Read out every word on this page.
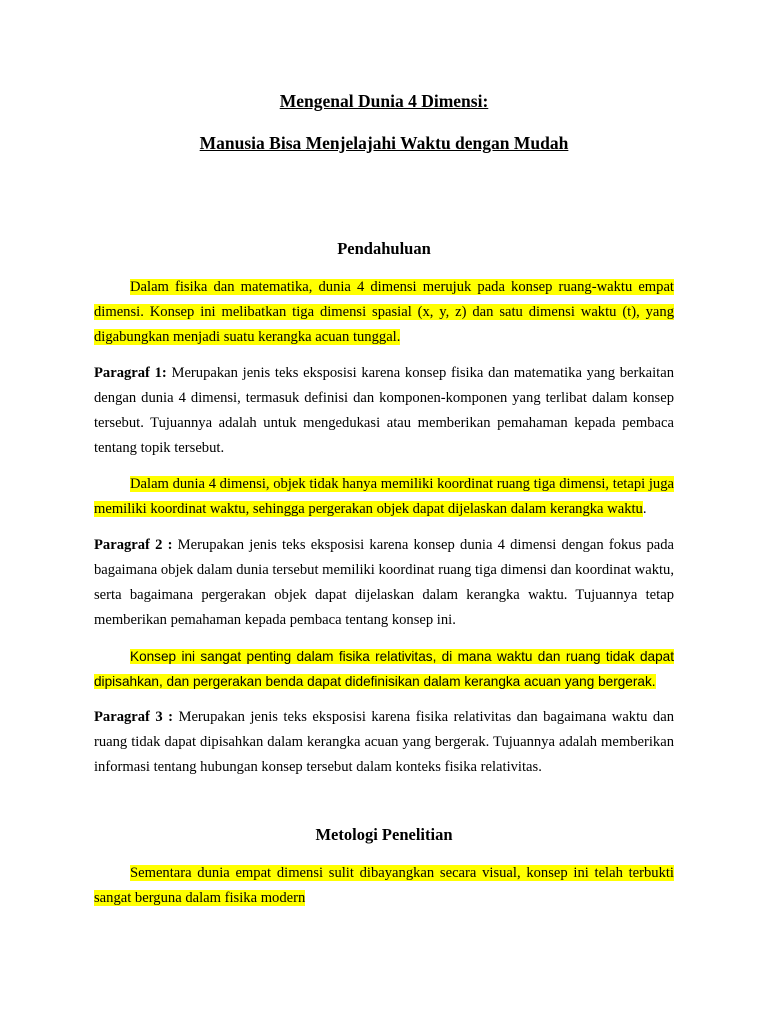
Mengenal Dunia 4 Dimensi:
Manusia Bisa Menjelajahi Waktu dengan Mudah
Pendahuluan

Dalam fisika dan matematika, dunia 4 dimensi merujuk pada konsep ruang-waktu empat dimensi. Konsep ini melibatkan tiga dimensi spasial (x, y, z) dan satu dimensi waktu (t), yang digabungkan menjadi suatu kerangka acuan tunggal.

Paragraf 1: Merupakan jenis teks eksposisi karena konsep fisika dan matematika yang berkaitan dengan dunia 4 dimensi, termasuk definisi dan komponen-komponen yang terlibat dalam konsep tersebut. Tujuannya adalah untuk mengedukasi atau memberikan pemahaman kepada pembaca tentang topik tersebut.

Dalam dunia 4 dimensi, objek tidak hanya memiliki koordinat ruang tiga dimensi, tetapi juga memiliki koordinat waktu, sehingga pergerakan objek dapat dijelaskan dalam kerangka waktu.

Paragraf 2 : Merupakan jenis teks eksposisi karena konsep dunia 4 dimensi dengan fokus pada bagaimana objek dalam dunia tersebut memiliki koordinat ruang tiga dimensi dan koordinat waktu, serta bagaimana pergerakan objek dapat dijelaskan dalam kerangka waktu. Tujuannya tetap memberikan pemahaman kepada pembaca tentang konsep ini.

Konsep ini sangat penting dalam fisika relativitas, di mana waktu dan ruang tidak dapat dipisahkan, dan pergerakan benda dapat didefinisikan dalam kerangka acuan yang bergerak.

Paragraf 3 : Merupakan jenis teks eksposisi karena fisika relativitas dan bagaimana waktu dan ruang tidak dapat dipisahkan dalam kerangka acuan yang bergerak. Tujuannya adalah memberikan informasi tentang hubungan konsep tersebut dalam konteks fisika relativitas.

Metologi Penelitian

Sementara dunia empat dimensi sulit dibayangkan secara visual, konsep ini telah terbukti sangat berguna dalam fisika modern
